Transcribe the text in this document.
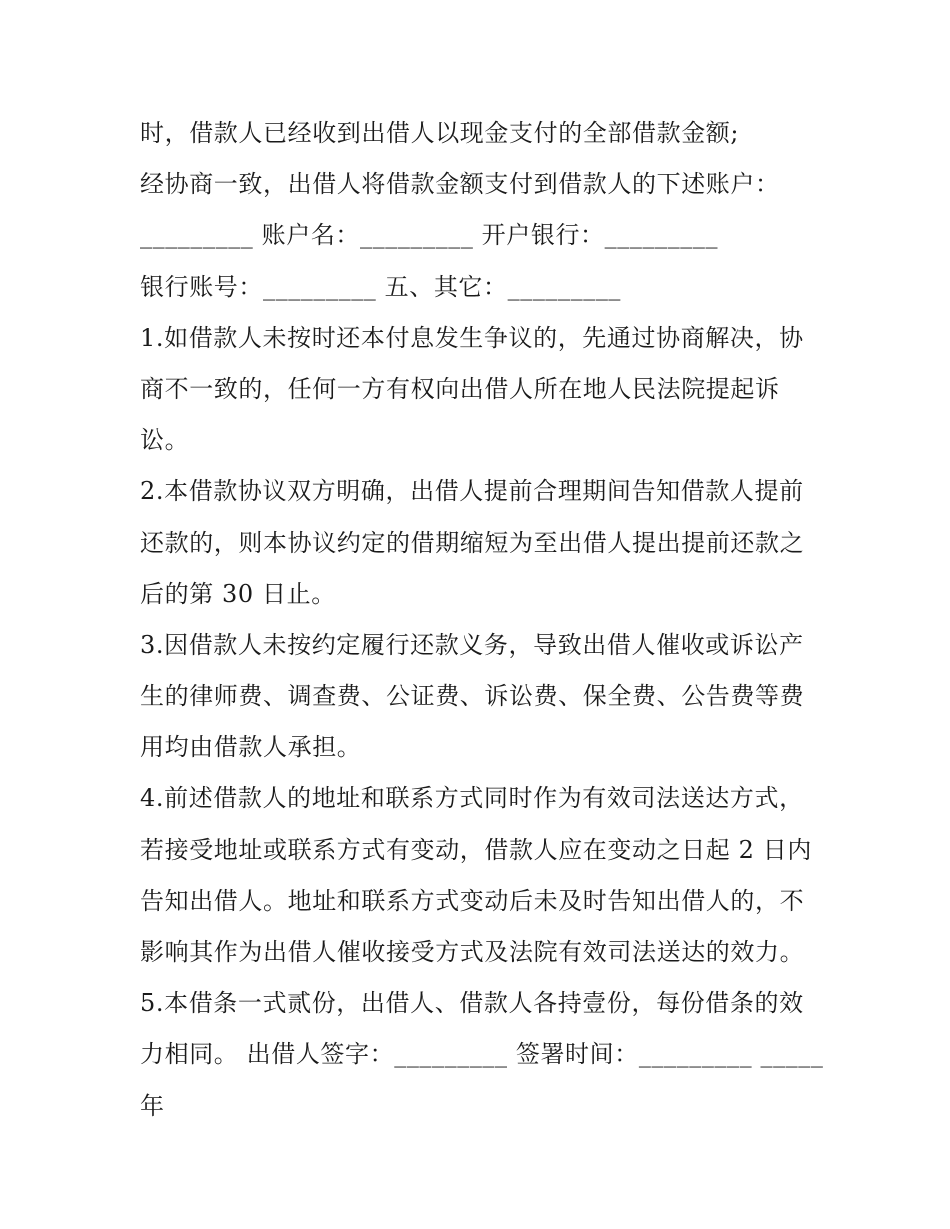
时，借款人已经收到出借人以现金支付的全部借款金额;
经协商一致，出借人将借款金额支付到借款人的下述账户：
_________ 账户名：_________ 开户银行：_________
银行账号：_________ 五、其它：_________
1.如借款人未按时还本付息发生争议的，先通过协商解决，协
商不一致的，任何一方有权向出借人所在地人民法院提起诉
讼。
2.本借款协议双方明确，出借人提前合理期间告知借款人提前
还款的，则本协议约定的借期缩短为至出借人提出提前还款之
后的第 30 日止。
3.因借款人未按约定履行还款义务，导致出借人催收或诉讼产
生的律师费、调查费、公证费、诉讼费、保全费、公告费等费
用均由借款人承担。
4.前述借款人的地址和联系方式同时作为有效司法送达方式，
若接受地址或联系方式有变动，借款人应在变动之日起 2 日内
告知出借人。地址和联系方式变动后未及时告知出借人的，不
影响其作为出借人催收接受方式及法院有效司法送达的效力。
5.本借条一式贰份，出借人、借款人各持壹份，每份借条的效
力相同。 出借人签字：_________ 签署时间：_________ _____
年
